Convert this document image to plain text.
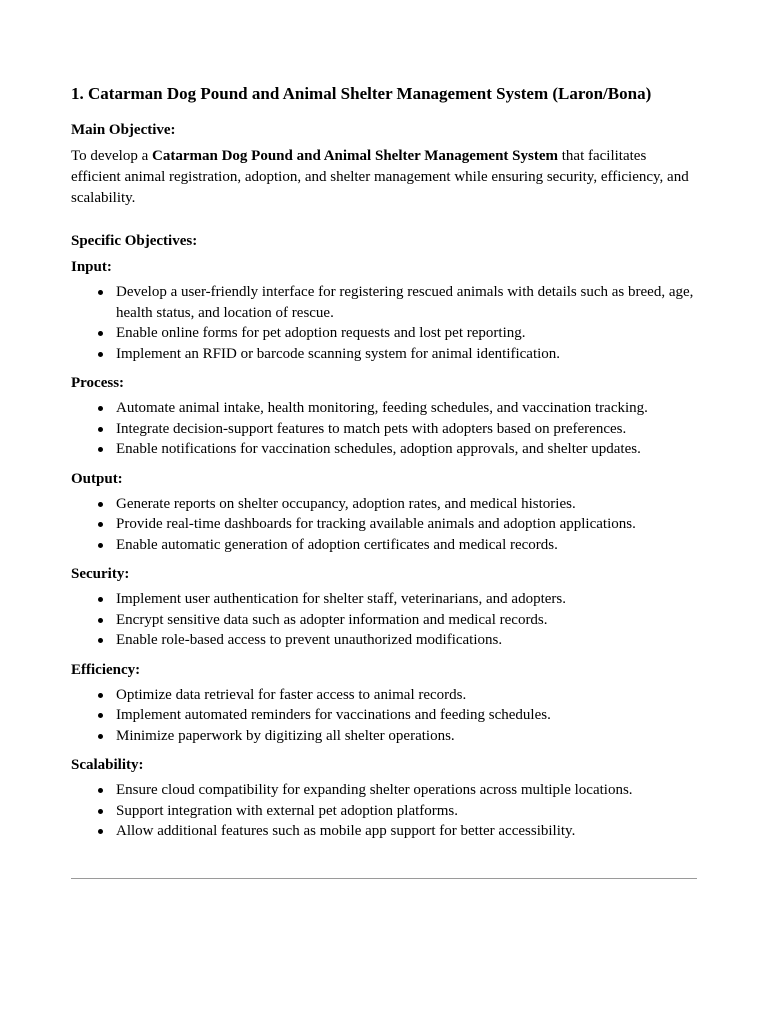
1. Catarman Dog Pound and Animal Shelter Management System (Laron/Bona)
Main Objective:
To develop a Catarman Dog Pound and Animal Shelter Management System that facilitates efficient animal registration, adoption, and shelter management while ensuring security, efficiency, and scalability.
Specific Objectives:
Input:
Develop a user-friendly interface for registering rescued animals with details such as breed, age, health status, and location of rescue.
Enable online forms for pet adoption requests and lost pet reporting.
Implement an RFID or barcode scanning system for animal identification.
Process:
Automate animal intake, health monitoring, feeding schedules, and vaccination tracking.
Integrate decision-support features to match pets with adopters based on preferences.
Enable notifications for vaccination schedules, adoption approvals, and shelter updates.
Output:
Generate reports on shelter occupancy, adoption rates, and medical histories.
Provide real-time dashboards for tracking available animals and adoption applications.
Enable automatic generation of adoption certificates and medical records.
Security:
Implement user authentication for shelter staff, veterinarians, and adopters.
Encrypt sensitive data such as adopter information and medical records.
Enable role-based access to prevent unauthorized modifications.
Efficiency:
Optimize data retrieval for faster access to animal records.
Implement automated reminders for vaccinations and feeding schedules.
Minimize paperwork by digitizing all shelter operations.
Scalability:
Ensure cloud compatibility for expanding shelter operations across multiple locations.
Support integration with external pet adoption platforms.
Allow additional features such as mobile app support for better accessibility.
